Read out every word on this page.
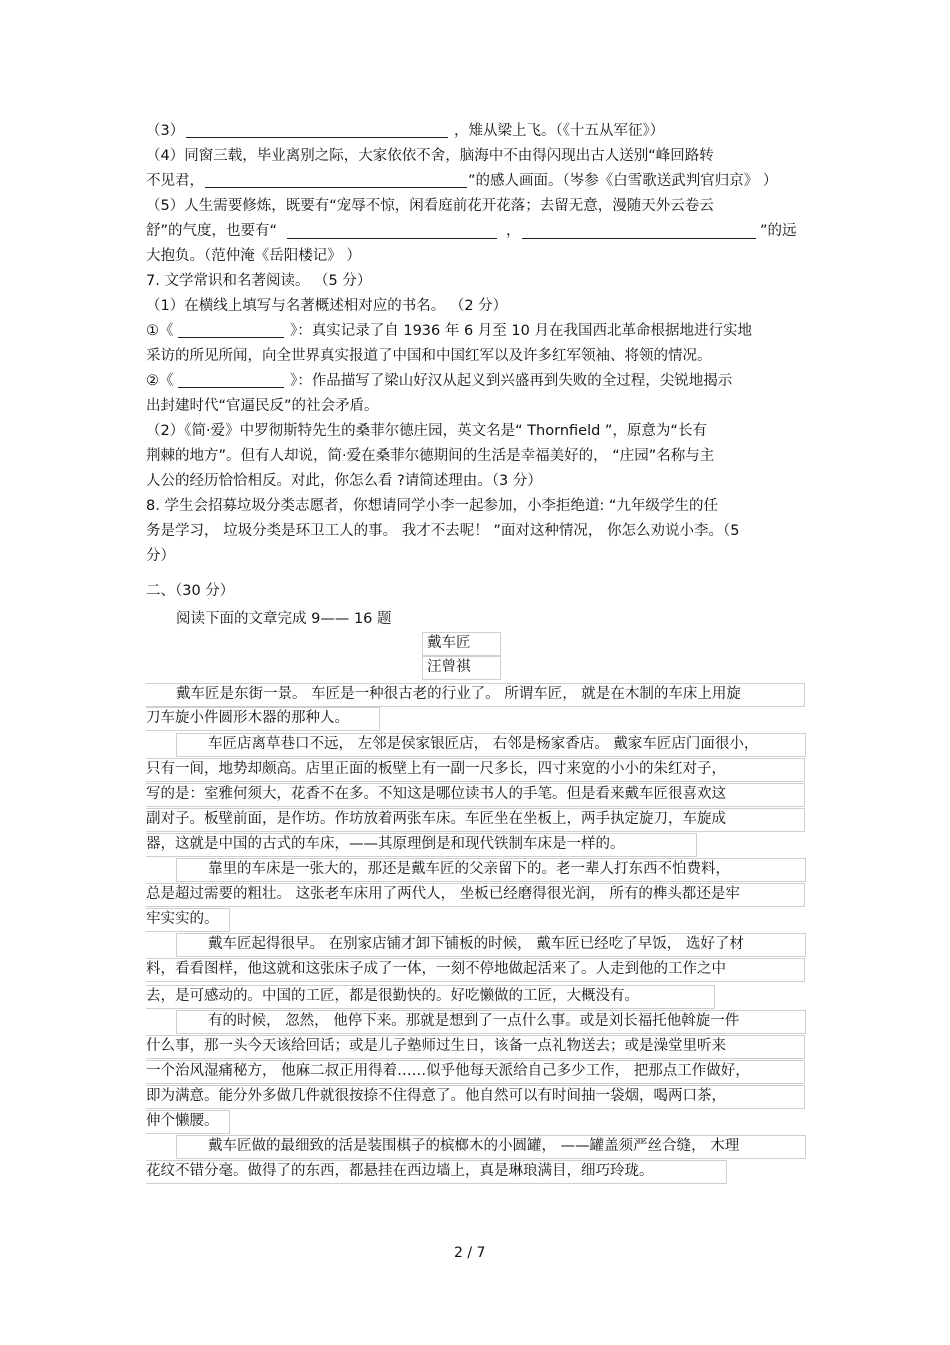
（3）	，雉从梁上飞。（《十五从军征》）
（4）同窗三载，毕业离别之际，大家依依不舍，脑海中不由得闪现出古人送别“峰回路转
不见君，	”的感人画面。（岑参《白雪歌送武判官归京》 ）
（5）人生需要修炼，既要有“宠辱不惊，闲看庭前花开花落；去留无意，漫随天外云卷云
舒”的气度，也要有“	，	”的远
大抱负。（范仲淹《岳阳楼记》 ）
7. 文学常识和名著阅读。 （5 分）
（1）在横线上填写与名著概述相对应的书名。 （2 分）
①《	》：真实记录了自 1936 年 6 月至 10 月在我国西北革命根据地进行实地
采访的所见所闻，向全世界真实报道了中国和中国红军以及许多红军领袖、将领的情况。
②《	》：作品描写了梁山好汉从起义到兴盛再到失败的全过程，尖锐地揭示
出封建时代“官逼民反”的社会矛盾。
（2）《简·爱》中罗彻斯特先生的桑菲尔德庄园，英文名是“ Thornfield ”，原意为“长有
荆棘的地方”。但有人却说，简·爱在桑菲尔德期间的生活是幸福美好的， “庄园”名称与主
人公的经历恰恰相反。对此，你怎么看 ?请简述理由。（3 分）
8. 学生会招募垃圾分类志愿者，你想请同学小李一起参加，小李拒绝道: “九年级学生的任
务是学习， 垃圾分类是环卫工人的事。 我才不去呢！ ”面对这种情况， 你怎么劝说小李。（5
分）
二、（30 分）
阅读下面的文章完成 9—— 16 题
戴车匠
汪曾祺
戴车匠是东街一景。 车匠是一种很古老的行业了。 所谓车匠， 就是在木制的车床上用旋
刀车旋小件圆形木器的那种人。
车匠店离草巷口不远， 左邻是侯家银匠店， 右邻是杨家香店。 戴家车匠店门面很小，
只有一间，地势却颇高。店里正面的板壁上有一副一尺多长，四寸来宽的小小的朱红对子，
写的是：室雅何须大，花香不在多。不知这是哪位读书人的手笔。但是看来戴车匠很喜欢这
副对子。板壁前面，是作坊。作坊放着两张车床。车匠坐在坐板上，两手执定旋刀，车旋成
器，这就是中国的古式的车床，——其原理倒是和现代铁制车床是一样的。
靠里的车床是一张大的，那还是戴车匠的父亲留下的。老一辈人打东西不怕费料，
总是超过需要的粗壮。 这张老车床用了两代人， 坐板已经磨得很光润， 所有的榫头都还是牢
牢实实的。
戴车匠起得很早。 在别家店铺才卸下铺板的时候， 戴车匠已经吃了早饭， 选好了材
料，看看图样，他这就和这张床子成了一体，一刻不停地做起活来了。人走到他的工作之中
去，是可感动的。中国的工匠，都是很勤快的。好吃懒做的工匠，大概没有。
有的时候， 忽然， 他停下来。那就是想到了一点什么事。或是刘长福托他斡旋一件
什么事，那一头今天该给回话；或是儿子塾师过生日，该备一点礼物送去；或是澡堂里听来
一个治风湿痛秘方， 他麻二叔正用得着……似乎他每天派给自己多少工作， 把那点工作做好，
即为满意。能分外多做几件就很按捺不住得意了。他自然可以有时间抽一袋烟，喝两口茶，
伸个懒腰。
戴车匠做的最细致的活是装围棋子的槟榔木的小圆罐， ——罐盖须严丝合缝， 木理
花纹不错分毫。做得了的东西，都悬挂在西边墙上，真是琳琅满目，细巧玲珑。
2 / 7
